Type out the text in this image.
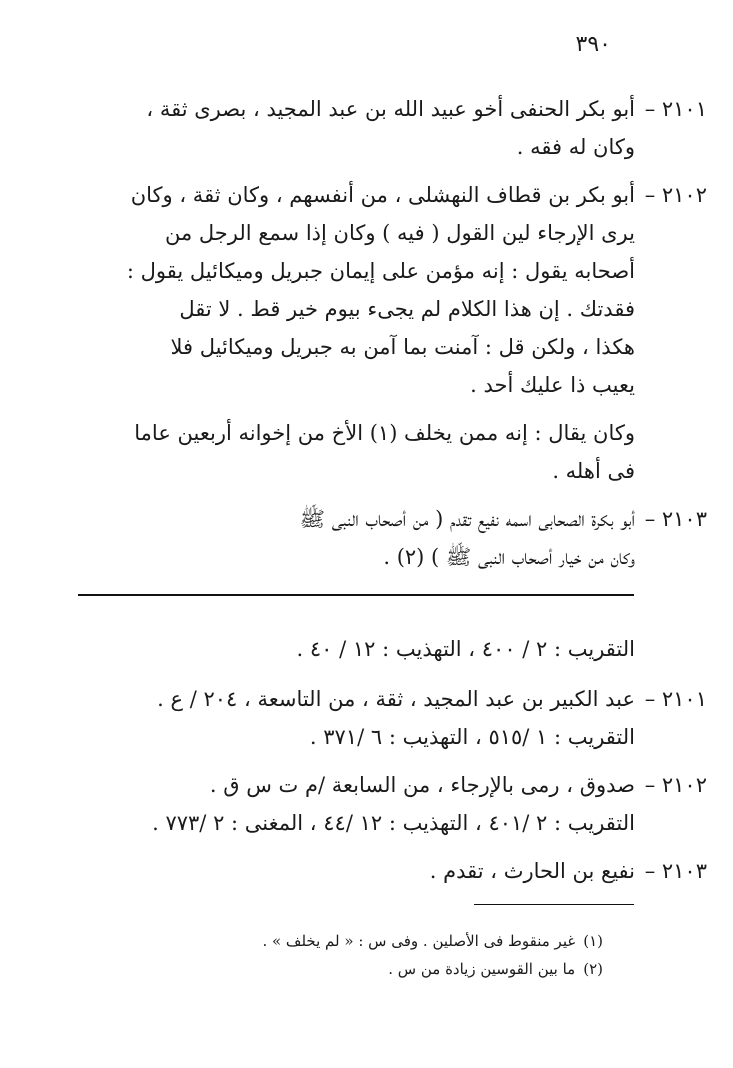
٣٩٠
٢١٠١ –
أبو بكر الحنفى أخو عبيد الله بن عبد المجيد ، بصرى ثقة ،
وكان له فقه .
٢١٠٢ –
أبو بكر بن قطاف النهشلى ، من أنفسهم ، وكان ثقة ، وكان
يرى الإرجاء لين القول ( فيه ) وكان إذا سمع الرجل من
أصحابه يقول : إنه مؤمن على إيمان جبريل وميكائيل يقول :
فقدتك . إن هذا الكلام لم يجىء بيوم خير قط . لا تقل
هكذا ، ولكن قل : آمنت بما آمن به جبريل وميكائيل فلا
يعيب ذا عليك أحد .
وكان يقال : إنه ممن يخلف (١) الأخ من إخوانه أربعين عاما
فى أهله .
٢١٠٣ –
أبو بكرة الصحابى اسمه نفيع تقدم ( من أصحاب النبى ﷺ
وكان من خيار أصحاب النبى ﷺ ) (٢) .
التقريب : ٢ / ٤٠٠ ، التهذيب : ١٢ / ٤٠ .
٢١٠١ –
عبد الكبير بن عبد المجيد ، ثقة ، من التاسعة ، ٢٠٤ / ع .
التقريب : ١ /٥١٥ ، التهذيب : ٦ /٣٧١ .
٢١٠٢ –
صدوق ، رمى بالإرجاء ، من السابعة /م ت س ق .
التقريب : ٢ /٤٠١ ، التهذيب : ١٢ /٤٤ ، المغنى : ٢ /٧٧٣ .
٢١٠٣ –
نفيع بن الحارث ، تقدم .
(١)غير منقوط فى الأصلين . وفى س : « لم يخلف » .
(٢)ما بين القوسين زيادة من س .
